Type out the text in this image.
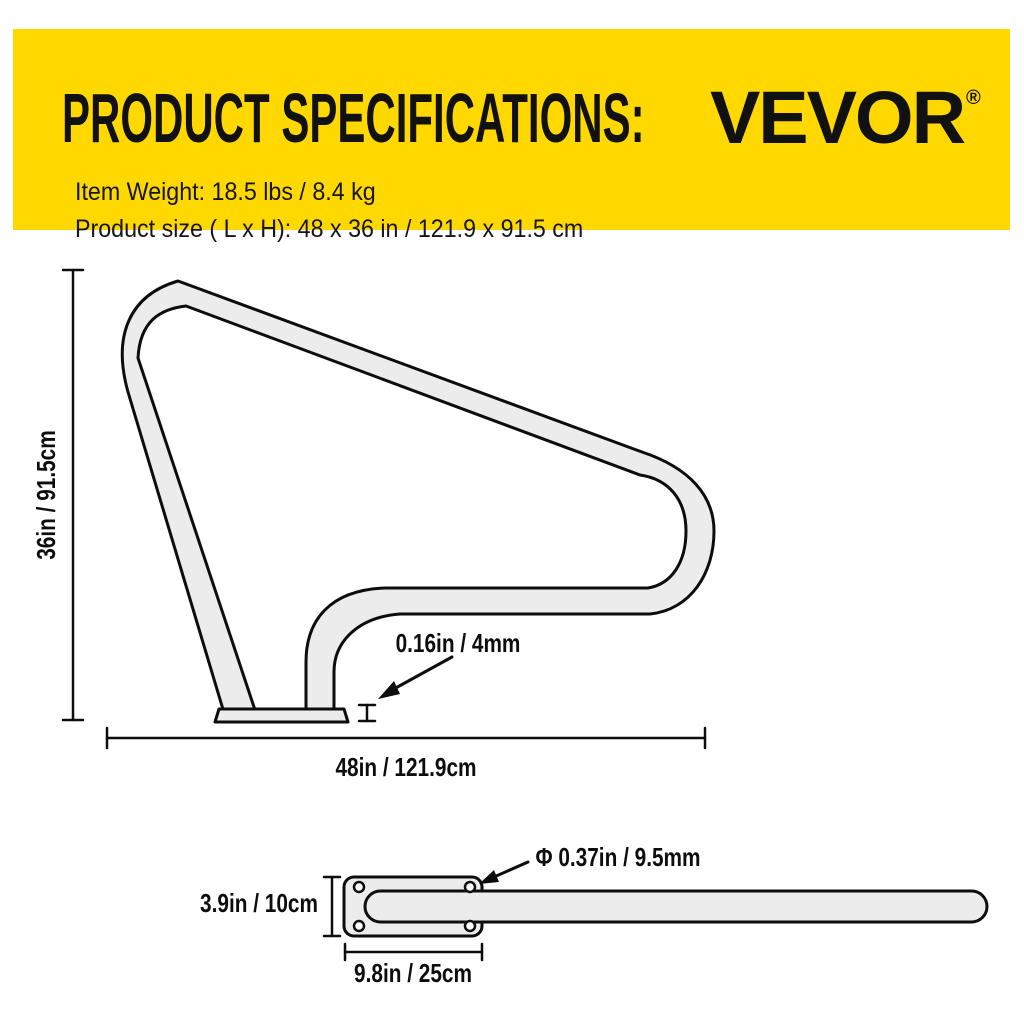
PRODUCT SPECIFICATIONS: VEVOR ®
Item Weight: 18.5 lbs / 8.4 kg
Product size ( L x H): 48 x 36 in / 121.9 x 91.5 cm
36in / 91.5cm
48in / 121.9cm
0.16in / 4mm
Φ 0.37in / 9.5mm
3.9in / 10cm
9.8in / 25cm
